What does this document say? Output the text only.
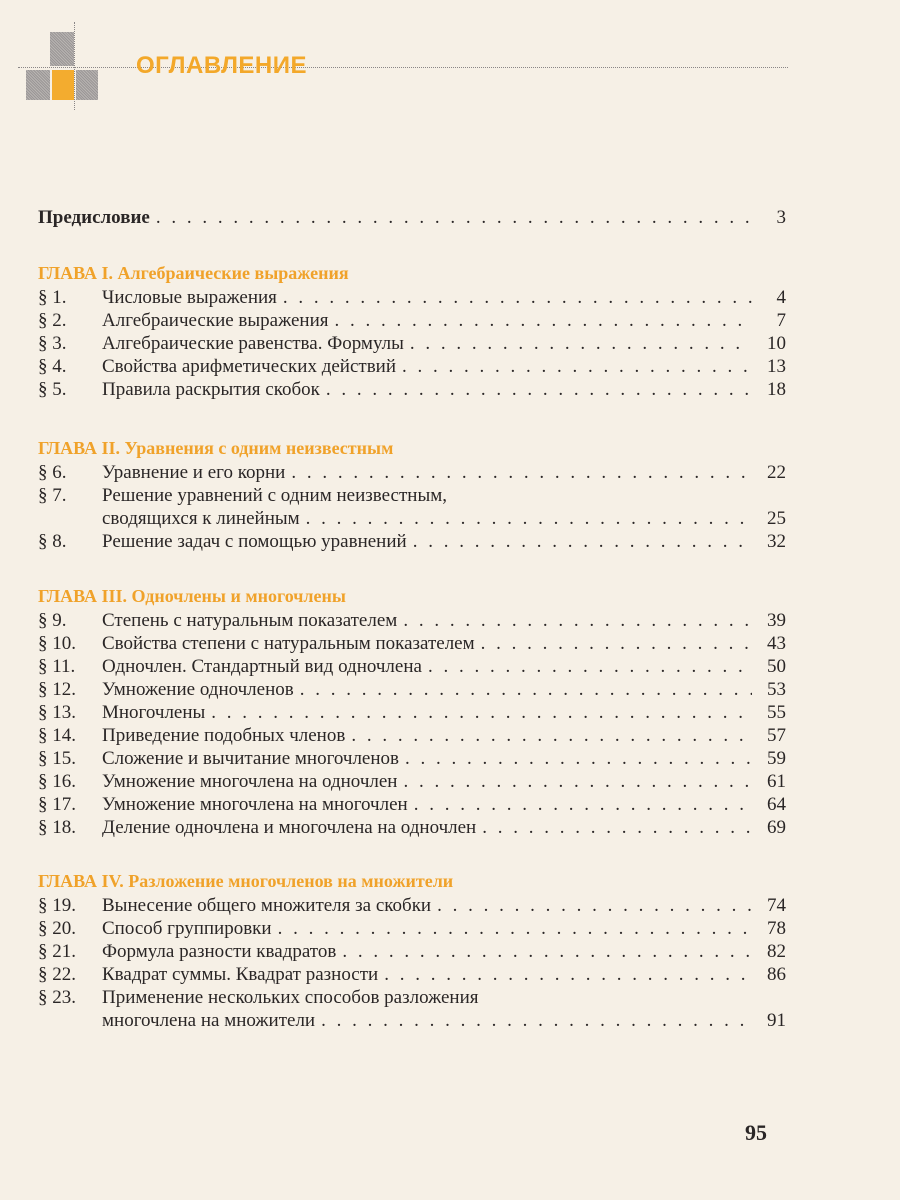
ОГЛАВЛЕНИЕ
Предисловие . . .	3
ГЛАВА I. Алгебраические выражения
§ 1.	Числовые выражения . . .	4
§ 2.	Алгебраические выражения . . .	7
§ 3.	Алгебраические равенства. Формулы . . .	10
§ 4.	Свойства арифметических действий . . .	13
§ 5.	Правила раскрытия скобок . . .	18
ГЛАВА II. Уравнения с одним неизвестным
§ 6.	Уравнение и его корни . . .	22
§ 7.	Решение уравнений с одним неизвестным,
сводящихся к линейным . . .	25
§ 8.	Решение задач с помощью уравнений . . .	32
ГЛАВА III. Одночлены и многочлены
§ 9.	Степень с натуральным показателем . . .	39
§ 10.	Свойства степени с натуральным показателем . . .	43
§ 11.	Одночлен. Стандартный вид одночлена . . .	50
§ 12.	Умножение одночленов . . .	53
§ 13.	Многочлены . . .	55
§ 14.	Приведение подобных членов . . .	57
§ 15.	Сложение и вычитание многочленов . . .	59
§ 16.	Умножение многочлена на одночлен . . .	61
§ 17.	Умножение многочлена на многочлен . . .	64
§ 18.	Деление одночлена и многочлена на одночлен . . .	69
ГЛАВА IV. Разложение многочленов на множители
§ 19.	Вынесение общего множителя за скобки . . .	74
§ 20.	Способ группировки . . .	78
§ 21.	Формула разности квадратов . . .	82
§ 22.	Квадрат суммы. Квадрат разности . . .	86
§ 23.	Применение нескольких способов разложения
многочлена на множители . . .	91
95
